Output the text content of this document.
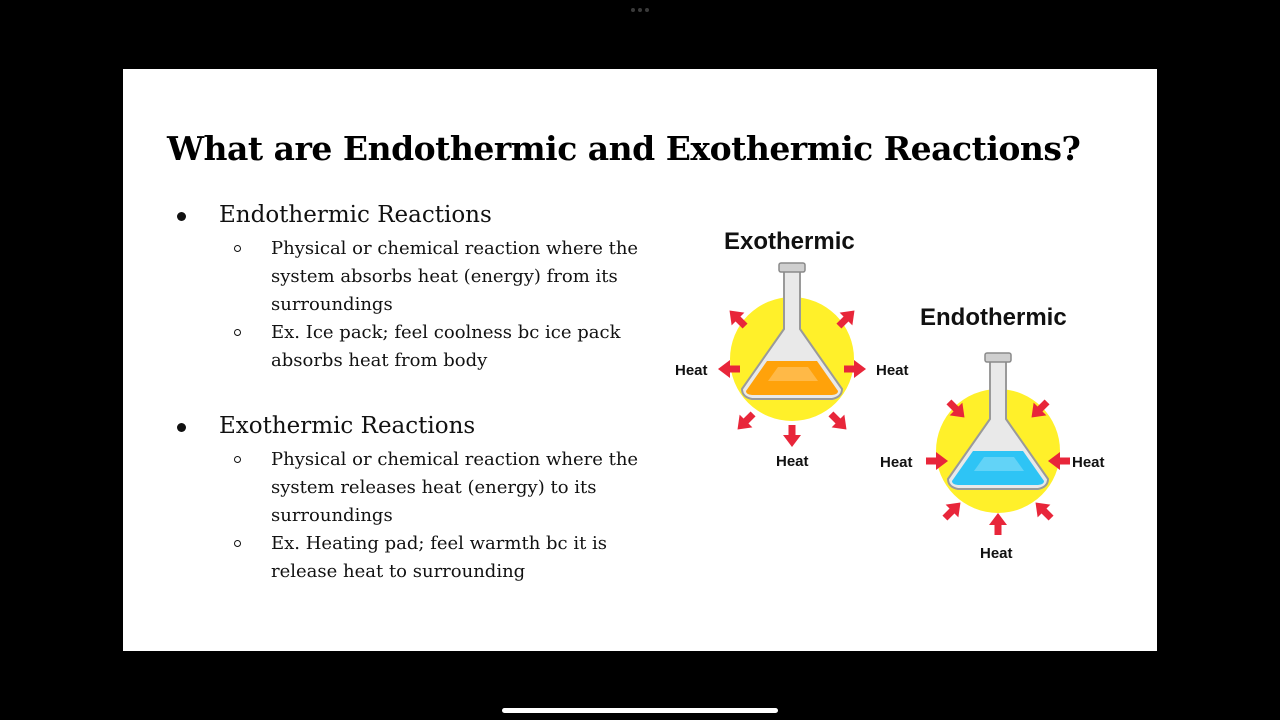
What are Endothermic and Exothermic Reactions?
Endothermic Reactions
Physical or chemical reaction where the system absorbs heat (energy) from its surroundings
Ex. Ice pack; feel coolness bc ice pack absorbs heat from body
Exothermic Reactions
Physical or chemical reaction where the system releases heat (energy) to its surroundings
Ex. Heating pad; feel warmth bc it is release heat to surrounding
Exothermic
Heat	Heat
Heat
Endothermic
Heat	Heat
Heat
